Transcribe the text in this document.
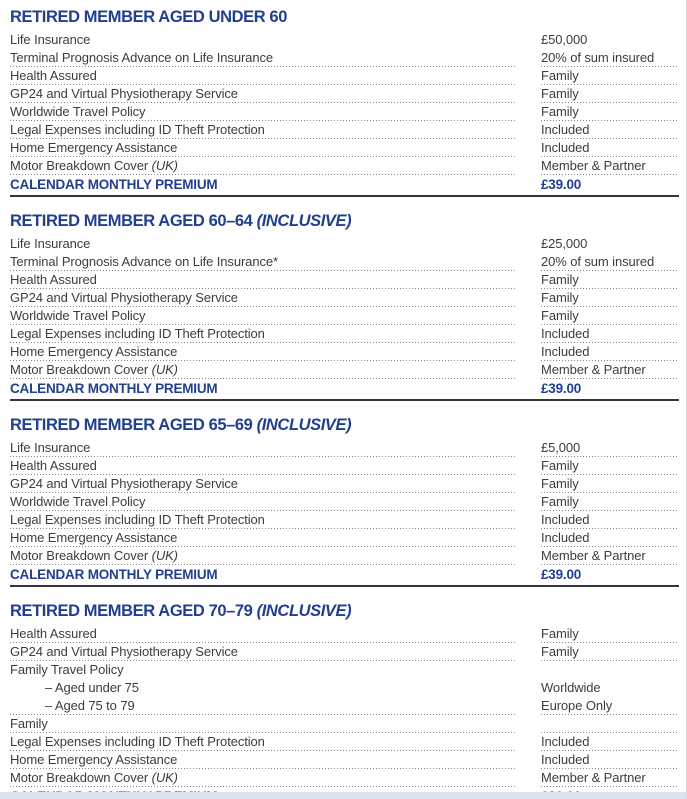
RETIRED MEMBER AGED UNDER 60
Life Insurance	£50,000
Terminal Prognosis Advance on Life Insurance	20% of sum insured
Health Assured	Family
GP24 and Virtual Physiotherapy Service	Family
Worldwide Travel Policy	Family
Legal Expenses including ID Theft Protection	Included
Home Emergency Assistance	Included
Motor Breakdown Cover (UK)	Member & Partner
CALENDAR MONTHLY PREMIUM	£39.00
RETIRED MEMBER AGED 60–64 (INCLUSIVE)
Life Insurance	£25,000
Terminal Prognosis Advance on Life Insurance*	20% of sum insured
Health Assured	Family
GP24 and Virtual Physiotherapy Service	Family
Worldwide Travel Policy	Family
Legal Expenses including ID Theft Protection	Included
Home Emergency Assistance	Included
Motor Breakdown Cover (UK)	Member & Partner
CALENDAR MONTHLY PREMIUM	£39.00
RETIRED MEMBER AGED 65–69 (INCLUSIVE)
Life Insurance	£5,000
Health Assured	Family
GP24 and Virtual Physiotherapy Service	Family
Worldwide Travel Policy	Family
Legal Expenses including ID Theft Protection	Included
Home Emergency Assistance	Included
Motor Breakdown Cover (UK)	Member & Partner
CALENDAR MONTHLY PREMIUM	£39.00
RETIRED MEMBER AGED 70–79 (INCLUSIVE)
Health Assured	Family
GP24 and Virtual Physiotherapy Service	Family
Family Travel Policy
– Aged under 75	Worldwide
– Aged 75 to 79	Europe Only
Family
Legal Expenses including ID Theft Protection	Included
Home Emergency Assistance	Included
Motor Breakdown Cover (UK)	Member & Partner
